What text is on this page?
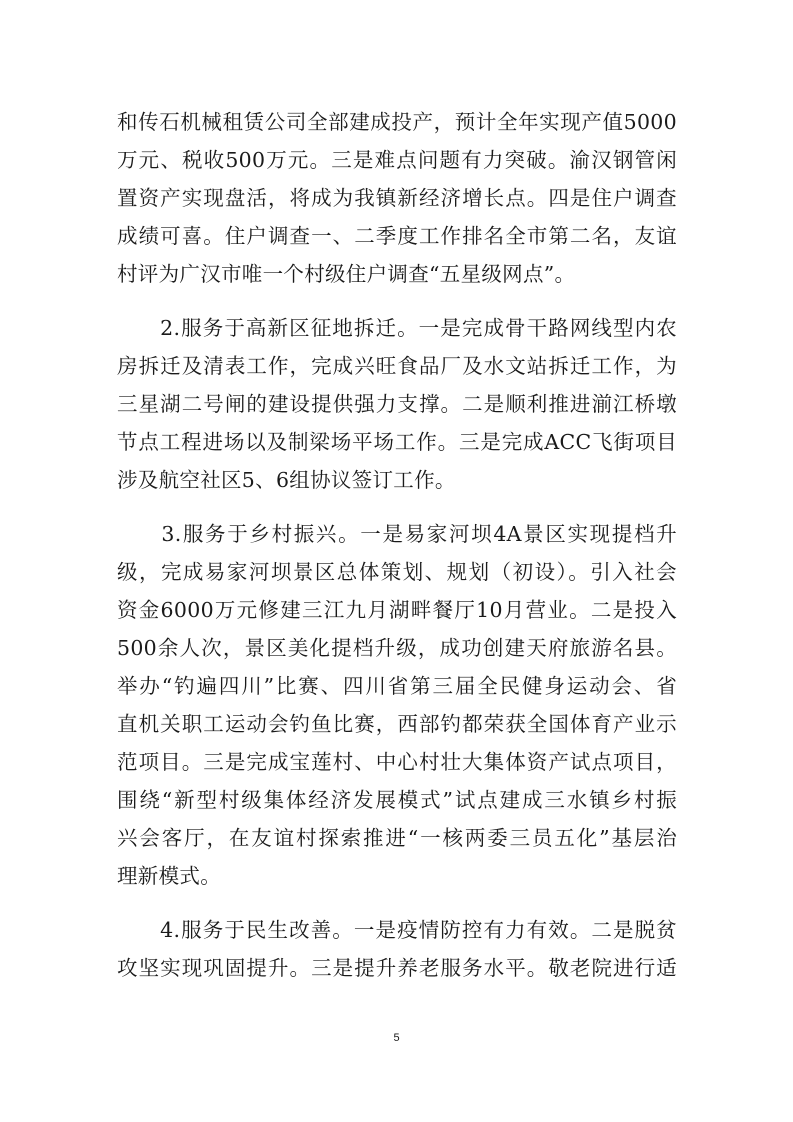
和传石机械租赁公司全部建成投产，预计全年实现产值5000
万元、税收500万元。三是难点问题有力突破。渝汉钢管闲
置资产实现盘活，将成为我镇新经济增长点。四是住户调查
成绩可喜。住户调查一、二季度工作排名全市第二名，友谊
村评为广汉市唯一个村级住户调查“五星级网点”。
　　2.服务于高新区征地拆迁。一是完成骨干路网线型内农
房拆迁及清表工作，完成兴旺食品厂及水文站拆迁工作，为
三星湖二号闸的建设提供强力支撑。二是顺利推进湔江桥墩
节点工程进场以及制梁场平场工作。三是完成ACC飞街项目
涉及航空社区5、6组协议签订工作。
　　3.服务于乡村振兴。一是易家河坝4A景区实现提档升
级，完成易家河坝景区总体策划、规划（初设）。引入社会
资金6000万元修建三江九月湖畔餐厅10月营业。二是投入
500余人次，景区美化提档升级，成功创建天府旅游名县。
举办“钓遍四川”比赛、四川省第三届全民健身运动会、省
直机关职工运动会钓鱼比赛，西部钓都荣获全国体育产业示
范项目。三是完成宝莲村、中心村壮大集体资产试点项目，
围绕“新型村级集体经济发展模式”试点建成三水镇乡村振
兴会客厅，在友谊村探索推进“一核两委三员五化”基层治
理新模式。
　　4.服务于民生改善。一是疫情防控有力有效。二是脱贫
攻坚实现巩固提升。三是提升养老服务水平。敬老院进行适
5
